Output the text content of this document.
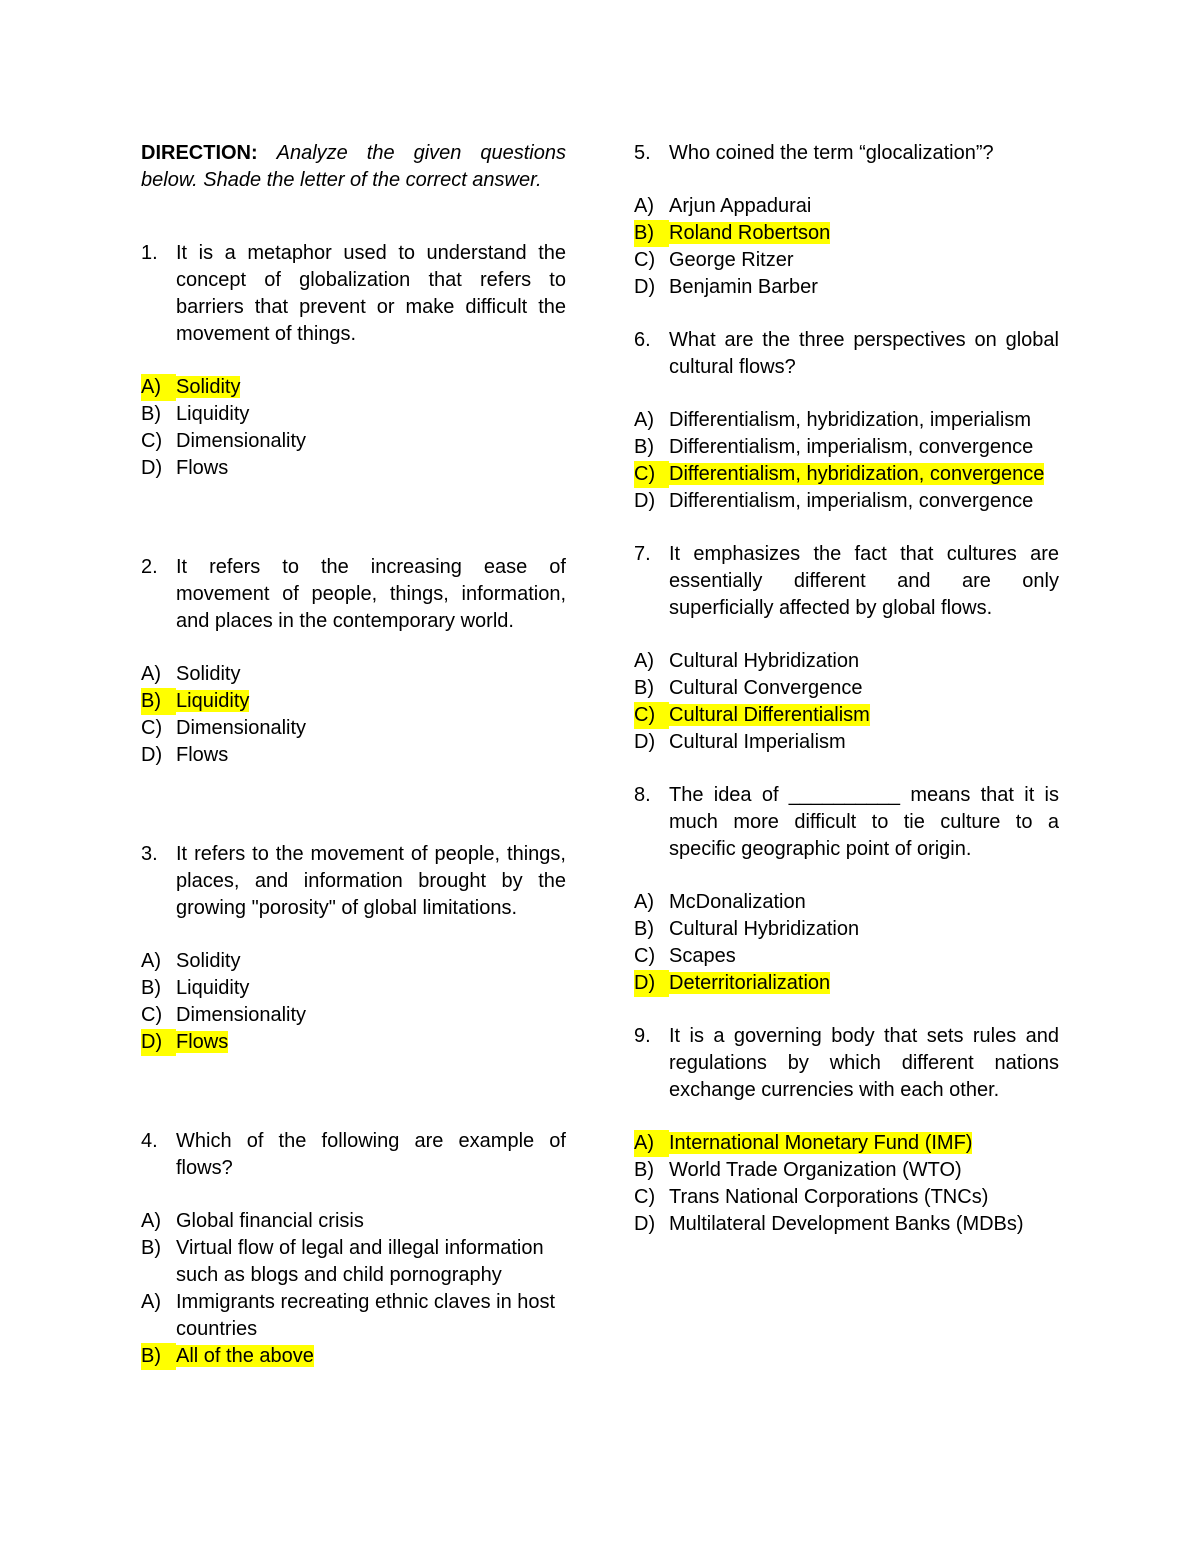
DIRECTION: Analyze the given questions below. Shade the letter of the correct answer.
1. It is a metaphor used to understand the concept of globalization that refers to barriers that prevent or make difficult the movement of things.
A) Solidity
B) Liquidity
C) Dimensionality
D) Flows
2. It refers to the increasing ease of movement of people, things, information, and places in the contemporary world.
A) Solidity
B) Liquidity
C) Dimensionality
D) Flows
3. It refers to the movement of people, things, places, and information brought by the growing "porosity" of global limitations.
A) Solidity
B) Liquidity
C) Dimensionality
D) Flows
4. Which of the following are example of flows?
A) Global financial crisis
B) Virtual flow of legal and illegal information such as blogs and child pornography
A) Immigrants recreating ethnic claves in host countries
B) All of the above
5. Who coined the term “glocalization”?
A) Arjun Appadurai
B) Roland Robertson
C) George Ritzer
D) Benjamin Barber
6. What are the three perspectives on global cultural flows?
A) Differentialism, hybridization, imperialism
B) Differentialism, imperialism, convergence
C) Differentialism, hybridization, convergence
D) Differentialism, imperialism, convergence
7. It emphasizes the fact that cultures are essentially different and are only superficially affected by global flows.
A) Cultural Hybridization
B) Cultural Convergence
C) Cultural Differentialism
D) Cultural Imperialism
8. The idea of __________ means that it is much more difficult to tie culture to a specific geographic point of origin.
A) McDonalization
B) Cultural Hybridization
C) Scapes
D) Deterritorialization
9. It is a governing body that sets rules and regulations by which different nations exchange currencies with each other.
A) International Monetary Fund (IMF)
B) World Trade Organization (WTO)
C) Trans National Corporations (TNCs)
D) Multilateral Development Banks (MDBs)
